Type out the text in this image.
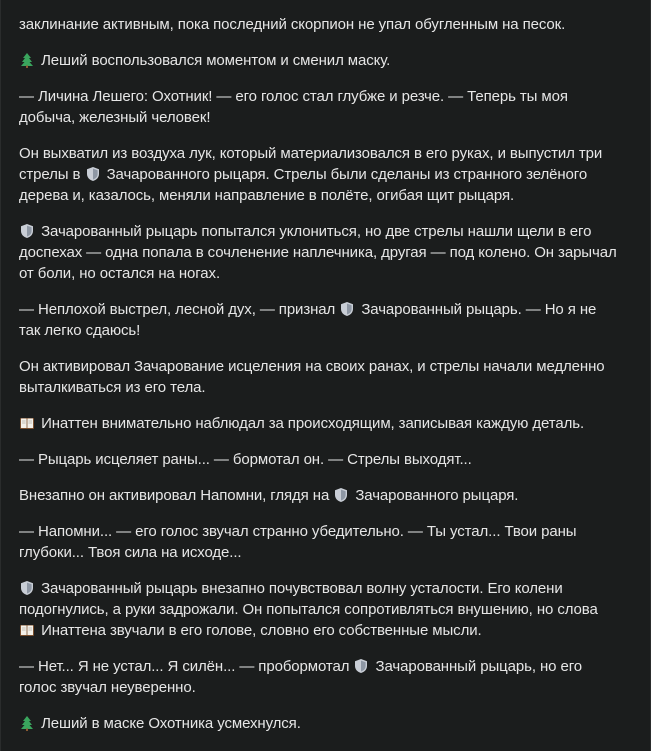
заклинание активным, пока последний скорпион не упал обугленным на песок.

Леший воспользовался моментом и сменил маску.

— Личина Лешего: Охотник! — его голос стал глубже и резче. — Теперь ты моя добыча, железный человек!

Он выхватил из воздуха лук, который материализовался в его руках, и выпустил три стрелы в
Зачарованного рыцаря. Стрелы были сделаны из странного зелёного дерева и, казалось, меняли направление в полёте, огибая щит рыцаря.

Зачарованный рыцарь попытался уклониться, но две стрелы нашли щели в его доспехах — одна попала в сочленение наплечника, другая — под колено. Он зарычал от боли, но остался на ногах.

— Неплохой выстрел, лесной дух, — признал
Зачарованный рыцарь. — Но я не так легко сдаюсь!

Он активировал Зачарование исцеления на своих ранах, и стрелы начали медленно выталкиваться из его тела.

Инаттен внимательно наблюдал за происходящим, записывая каждую деталь.

— Рыцарь исцеляет раны... — бормотал он. — Стрелы выходят...

Внезапно он активировал Напомни, глядя на
Зачарованного рыцаря.

— Напомни... — его голос звучал странно убедительно. — Ты устал... Твои раны глубоки... Твоя сила на исходе...

Зачарованный рыцарь внезапно почувствовал волну усталости. Его колени подогнулись, а руки задрожали. Он попытался сопротивляться внушению, но слова
Инаттена звучали в его голове, словно его собственные мысли.

— Нет... Я не устал... Я силён... — пробормотал
Зачарованный рыцарь, но его голос звучал неуверенно.

Леший в маске Охотника усмехнулся.
